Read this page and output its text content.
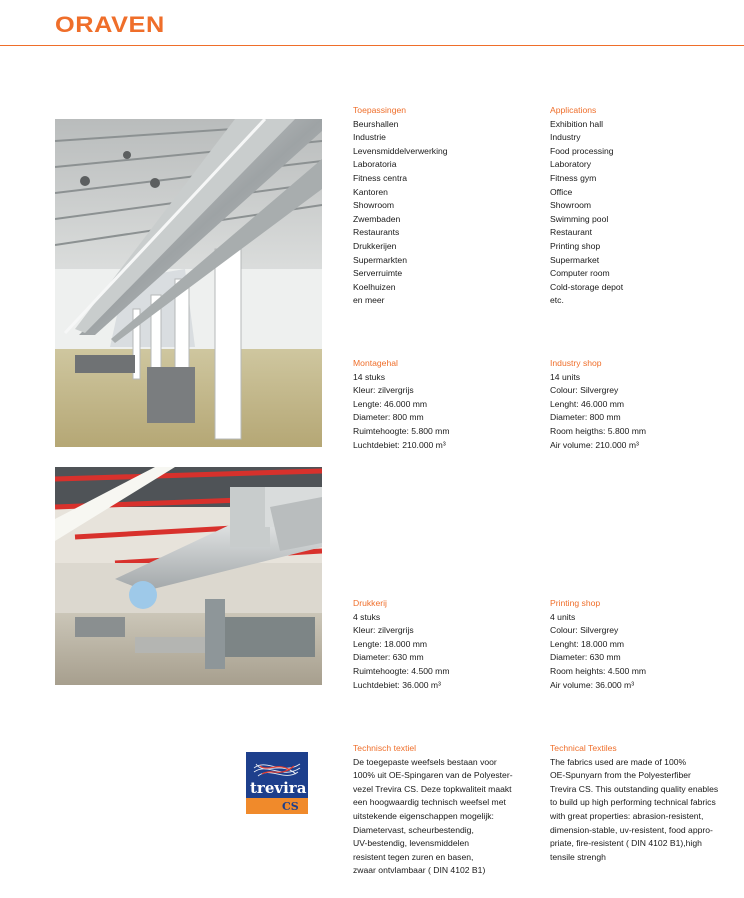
ORAVEN
Toepassingen
Beurshallen
Industrie
Levensmiddelverwerking
Laboratoria
Fitness centra
Kantoren
Showroom
Zwembaden
Restaurants
Drukkerijen
Supermarkten
Serverruimte
Koelhuizen
en meer
Applications
Exhibition hall
Industry
Food processing
Laboratory
Fitness gym
Office
Showroom
Swimming pool
Restaurant
Printing shop
Supermarket
Computer room
Cold-storage depot
etc.
Montagehal
14 stuks
Kleur: zilvergrijs
Lengte: 46.000 mm
Diameter: 800 mm
Ruimtehoogte: 5.800 mm
Luchtdebiet: 210.000 m³
Industry shop
14 units
Colour: Silvergrey
Lenght: 46.000 mm
Diameter: 800 mm
Room heigths: 5.800 mm
Air volume: 210.000 m³
Drukkerij
4 stuks
Kleur: zilvergrijs
Lengte: 18.000 mm
Diameter: 630 mm
Ruimtehoogte: 4.500 mm
Luchtdebiet: 36.000 m³
Printing shop
4 units
Colour: Silvergrey
Lenght: 18.000 mm
Diameter: 630 mm
Room heights: 4.500 mm
Air volume: 36.000 m³
Technisch textiel
De toegepaste weefsels bestaan voor
100% uit OE-Spingaren van de Polyester-
vezel Trevira CS. Deze topkwaliteit maakt
een hoogwaardig technisch weefsel met
uitstekende eigenschappen mogelijk:
Diametervast, scheurbestendig,
UV-bestendig, levensmiddelen
resistent tegen zuren en basen,
zwaar ontvlambaar ( DIN 4102 B1)
Technical Textiles
The fabrics used are made of 100%
OE-Spunyarn from the Polyesterfiber
Trevira CS. This outstanding quality enables
to build up high performing technical fabrics
with great properties: abrasion-resistent,
dimension-stable, uv-resistent, food appro-
priate, fire-resistent ( DIN 4102 B1),high
tensile strengh
trevira
CS
